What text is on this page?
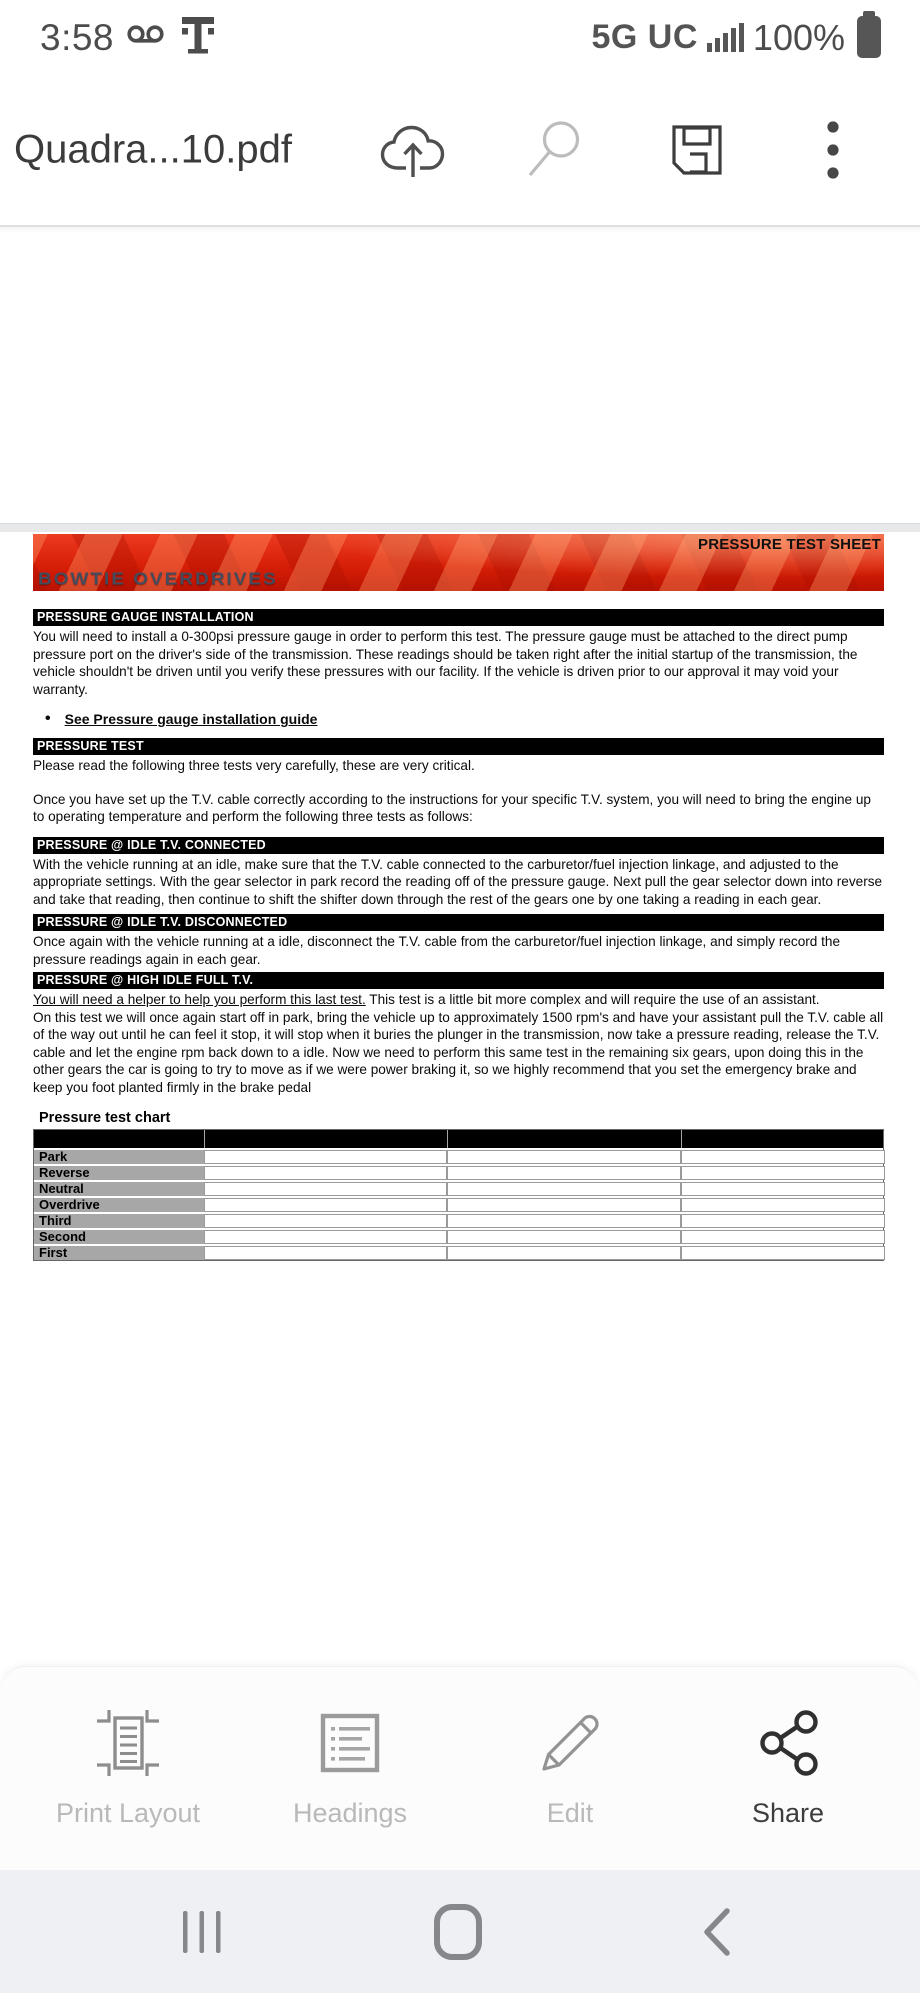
3:58	5G UC 100%
Quadra...10.pdf
PRESSURE TEST SHEET
BOWTIE OVERDRIVES
PRESSURE GAUGE INSTALLATION
You will need to install a 0-300psi pressure gauge in order to perform this test. The pressure gauge must be attached to the direct pump pressure port on the driver's side of the transmission. These readings should be taken right after the initial startup of the transmission, the vehicle shouldn't be driven until you verify these pressures with our facility. If the vehicle is driven prior to our approval it may void your warranty.
• See Pressure gauge installation guide
PRESSURE TEST
Please read the following three tests very carefully, these are very critical.
Once you have set up the T.V. cable correctly according to the instructions for your specific T.V. system, you will need to bring the engine up to operating temperature and perform the following three tests as follows:
PRESSURE @ IDLE T.V. CONNECTED
With the vehicle running at an idle, make sure that the T.V. cable connected to the carburetor/fuel injection linkage, and adjusted to the appropriate settings. With the gear selector in park record the reading off of the pressure gauge. Next pull the gear selector down into reverse and take that reading, then continue to shift the shifter down through the rest of the gears one by one taking a reading in each gear.
PRESSURE @ IDLE T.V. DISCONNECTED
Once again with the vehicle running at a idle, disconnect the T.V. cable from the carburetor/fuel injection linkage, and simply record the pressure readings again in each gear.
PRESSURE @ HIGH IDLE FULL T.V.
You will need a helper to help you perform this last test. This test is a little bit more complex and will require the use of an assistant.
On this test we will once again start off in park, bring the vehicle up to approximately 1500 rpm's and have your assistant pull the T.V. cable all of the way out until he can feel it stop, it will stop when it buries the plunger in the transmission, now take a pressure reading, release the T.V. cable and let the engine rpm back down to a idle. Now we need to perform this same test in the remaining six gears, upon doing this in the other gears the car is going to try to move as if we were power braking it, so we highly recommend that you set the emergency brake and keep you foot planted firmly in the brake pedal
Pressure test chart
Park
Reverse
Neutral
Overdrive
Third
Second
First
Print Layout	Headings	Edit	Share
